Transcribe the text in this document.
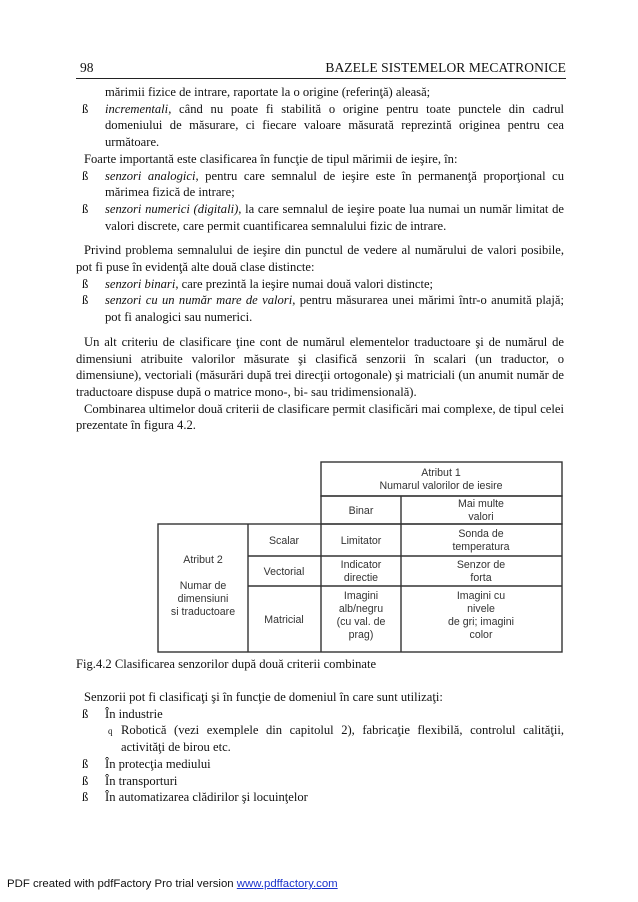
98	BAZELE SISTEMELOR MECATRONICE

mărimii fizice de intrare, raportate la o origine (referinţă) aleasă;

ß incrementali, când nu poate fi stabilită o origine pentru toate punctele din cadrul domeniului de măsurare, ci fiecare valoare măsurată reprezintă originea pentru cea următoare.

Foarte importantă este clasificarea în funcţie de tipul mărimii de ieşire, în:

ß senzori analogici, pentru care semnalul de ieşire este în permanenţă proporţional cu mărimea fizică de intrare;

ß senzori numerici (digitali), la care semnalul de ieşire poate lua numai un număr limitat de valori discrete, care permit cuantificarea semnalului fizic de intrare.

Privind problema semnalului de ieşire din punctul de vedere al numărului de valori posibile, pot fi puse în evidenţă alte două clase distincte:

ß senzori binari, care prezintă la ieşire numai două valori distincte;

ß senzori cu un număr mare de valori, pentru măsurarea unei mărimi într-o anumită plajă; pot fi analogici sau numerici.

Un alt criteriu de clasificare ţine cont de numărul elementelor traductoare şi de numărul de dimensiuni atribuite valorilor măsurate şi clasifică senzorii în scalari (un traductor, o dimensiune), vectoriali (măsurări după trei direcţii ortogonale) şi matriciali (un anumit număr de traductoare dispuse după o matrice mono-, bi- sau tridimensională).

Combinarea ultimelor două criterii de clasificare permit clasificări mai complexe, de tipul celei prezentate în figura 4.2.

Atribut 1
Numarul valorilor de iesire
Binar
Mai multe
valori
Atribut 2
Numar de
dimensiuni
si traductoare
Scalar
Vectorial
Matricial
Limitator
Sonda de
temperatura
Indicator
directie
Senzor de
forta
Imagini
alb/negru
(cu val. de
prag)
Imagini cu
nivele
de gri; imagini
color

Fig.4.2 Clasificarea senzorilor după două criterii combinate

Senzorii pot fi clasificaţi şi în funcţie de domeniul în care sunt utilizaţi:

ß În industrie

q Robotică (vezi exemplele din capitolul 2), fabricaţie flexibilă, controlul calităţii, activităţi de birou etc.

ß În protecţia mediului

ß În transporturi

ß În automatizarea clădirilor şi locuinţelor

PDF created with pdfFactory Pro trial version www.pdffactory.com
